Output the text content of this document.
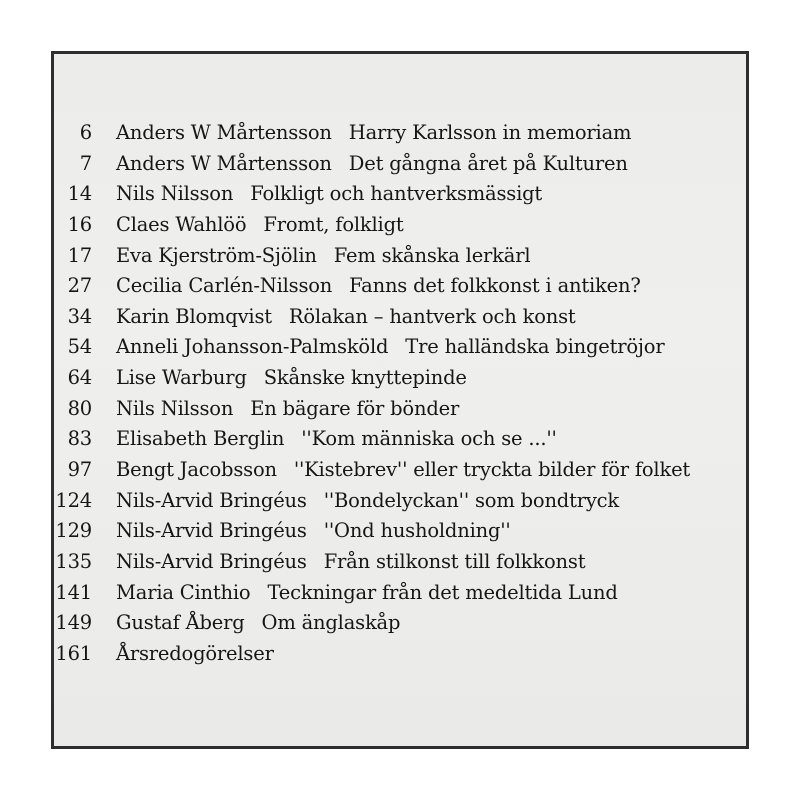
6 Anders W Mårtensson Harry Karlsson in memoriam
7 Anders W Mårtensson Det gångna året på Kulturen
14 Nils Nilsson Folkligt och hantverksmässigt
16 Claes Wahlöö Fromt, folkligt
17 Eva Kjerström-Sjölin Fem skånska lerkärl
27 Cecilia Carlén-Nilsson Fanns det folkkonst i antiken?
34 Karin Blomqvist Rölakan – hantverk och konst
54 Anneli Johansson-Palmsköld Tre halländska bingetröjor
64 Lise Warburg Skånske knyttepinde
80 Nils Nilsson En bägare för bönder
83 Elisabeth Berglin ''Kom människa och se ...''
97 Bengt Jacobsson ''Kistebrev'' eller tryckta bilder för folket
124 Nils-Arvid Bringéus ''Bondelyckan'' som bondtryck
129 Nils-Arvid Bringéus ''Ond husholdning''
135 Nils-Arvid Bringéus Från stilkonst till folkkonst
141 Maria Cinthio Teckningar från det medeltida Lund
149 Gustaf Åberg Om änglaskåp
161 Årsredogörelser
